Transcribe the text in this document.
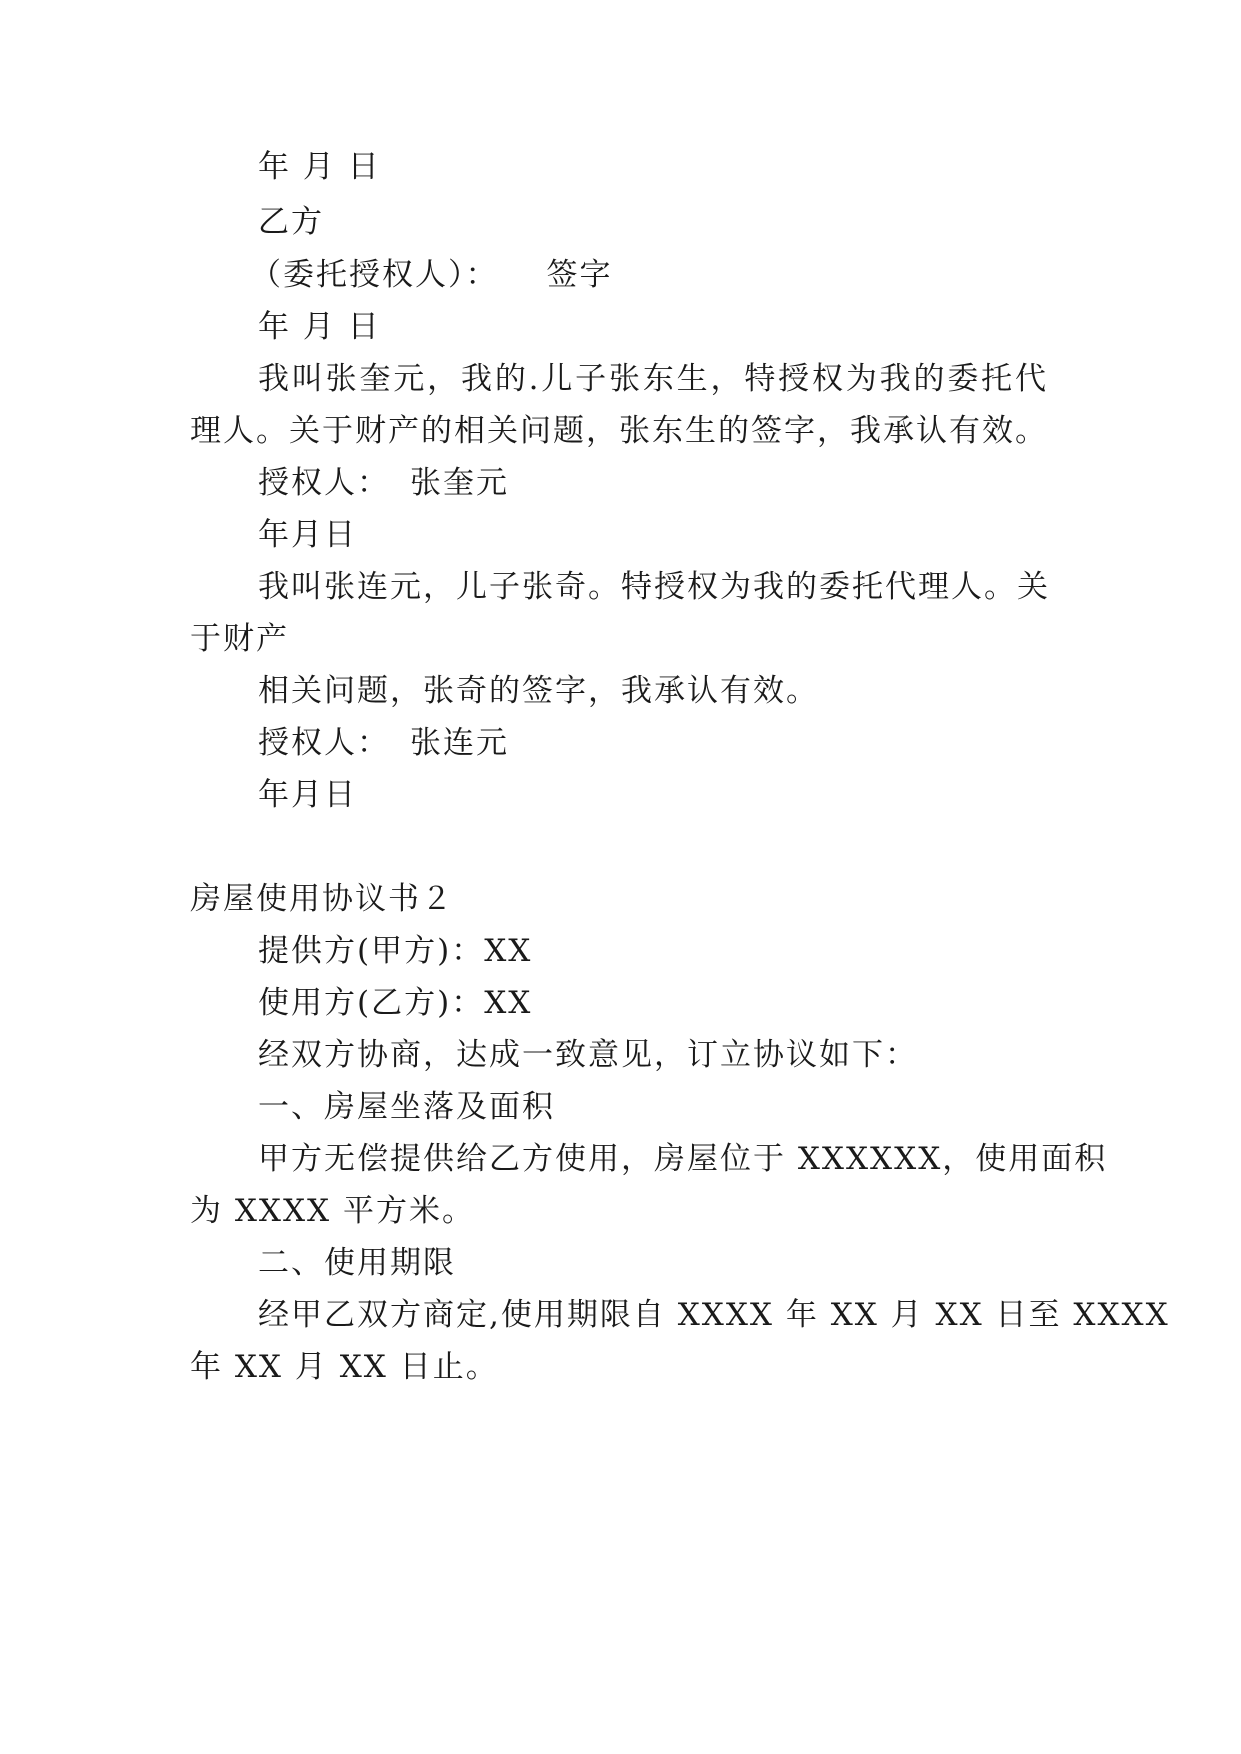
年 月 日

乙方

（委托授权人）： 签字

年 月 日

我叫张奎元，我的.儿子张东生，特授权为我的委托代

理人。关于财产的相关问题，张东生的签字，我承认有效。

授权人： 张奎元

年月日

我叫张连元，儿子张奇。特授权为我的委托代理人。关

于财产

相关问题，张奇的签字，我承认有效。

授权人： 张连元

年月日

房屋使用协议书２

提供方(甲方)：XX

使用方(乙方)：XX

经双方协商，达成一致意见，订立协议如下：

一、房屋坐落及面积

甲方无偿提供给乙方使用，房屋位于 XXXXXX，使用面积

为 XXXX 平方米。

二、使用期限

经甲乙双方商定,使用期限自 XXXX 年 XX 月 XX 日至 XXXX

年 XX 月 XX 日止。
